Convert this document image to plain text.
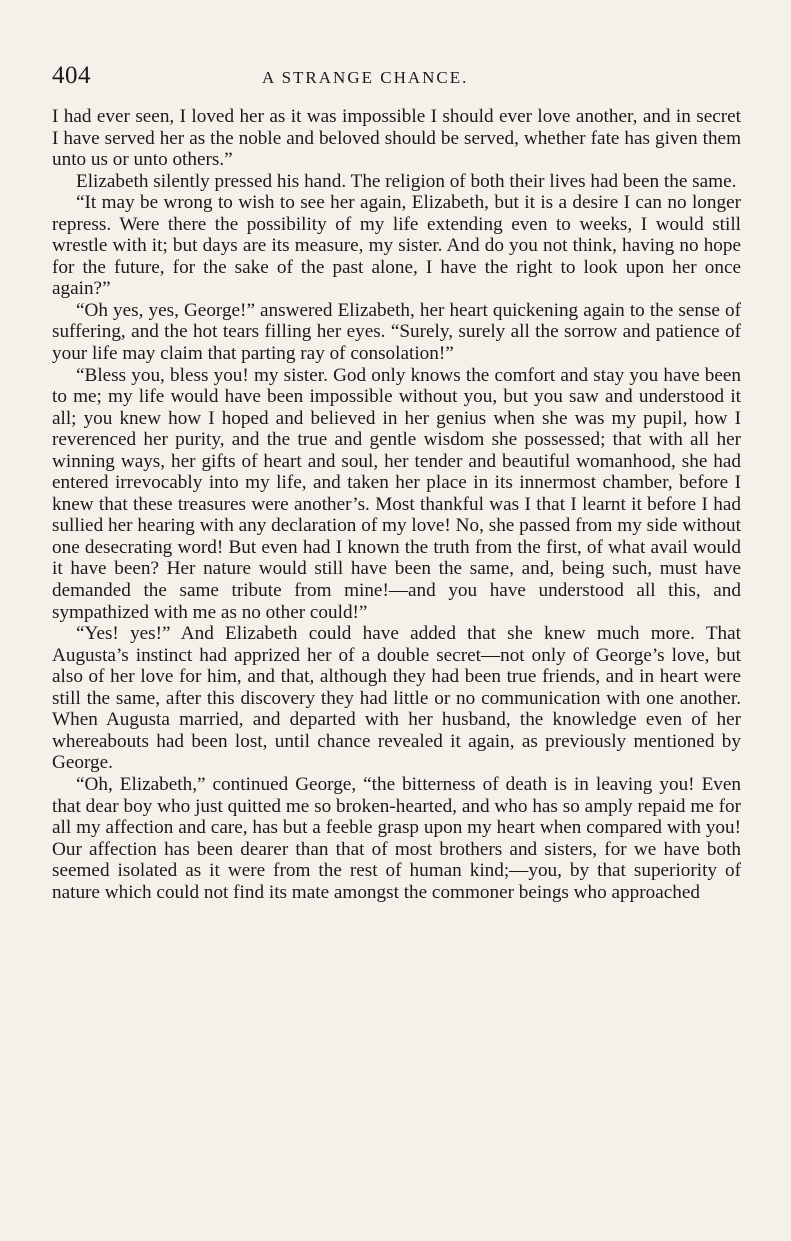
404	A STRANGE CHANCE.

I had ever seen, I loved her as it was impossible I should ever love another, and in secret I have served her as the noble and beloved should be served, whether fate has given them unto us or unto others.”

Elizabeth silently pressed his hand. The religion of both their lives had been the same.

“It may be wrong to wish to see her again, Elizabeth, but it is a desire I can no longer repress. Were there the possibility of my life extending even to weeks, I would still wrestle with it; but days are its measure, my sister. And do you not think, having no hope for the future, for the sake of the past alone, I have the right to look upon her once again?”

“Oh yes, yes, George!” answered Elizabeth, her heart quickening again to the sense of suffering, and the hot tears filling her eyes. “Surely, surely all the sorrow and patience of your life may claim that parting ray of consolation!”

“Bless you, bless you! my sister. God only knows the comfort and stay you have been to me; my life would have been impossible without you, but you saw and understood it all; you knew how I hoped and believed in her genius when she was my pupil, how I reverenced her purity, and the true and gentle wisdom she possessed; that with all her winning ways, her gifts of heart and soul, her tender and beautiful womanhood, she had entered irrevocably into my life, and taken her place in its innermost chamber, before I knew that these treasures were another’s. Most thankful was I that I learnt it before I had sullied her hearing with any declaration of my love! No, she passed from my side without one desecrating word! But even had I known the truth from the first, of what avail would it have been? Her nature would still have been the same, and, being such, must have demanded the same tribute from mine!—and you have understood all this, and sympathized with me as no other could!”

“Yes! yes!” And Elizabeth could have added that she knew much more. That Augusta’s instinct had apprized her of a double secret—not only of George’s love, but also of her love for him, and that, although they had been true friends, and in heart were still the same, after this discovery they had little or no communication with one another. When Augusta married, and departed with her husband, the knowledge even of her whereabouts had been lost, until chance revealed it again, as previously mentioned by George.

“Oh, Elizabeth,” continued George, “the bitterness of death is in leaving you! Even that dear boy who just quitted me so broken-hearted, and who has so amply repaid me for all my affection and care, has but a feeble grasp upon my heart when compared with you! Our affection has been dearer than that of most brothers and sisters, for we have both seemed isolated as it were from the rest of human kind;—you, by that superiority of nature which could not find its mate amongst the commoner beings who approached
